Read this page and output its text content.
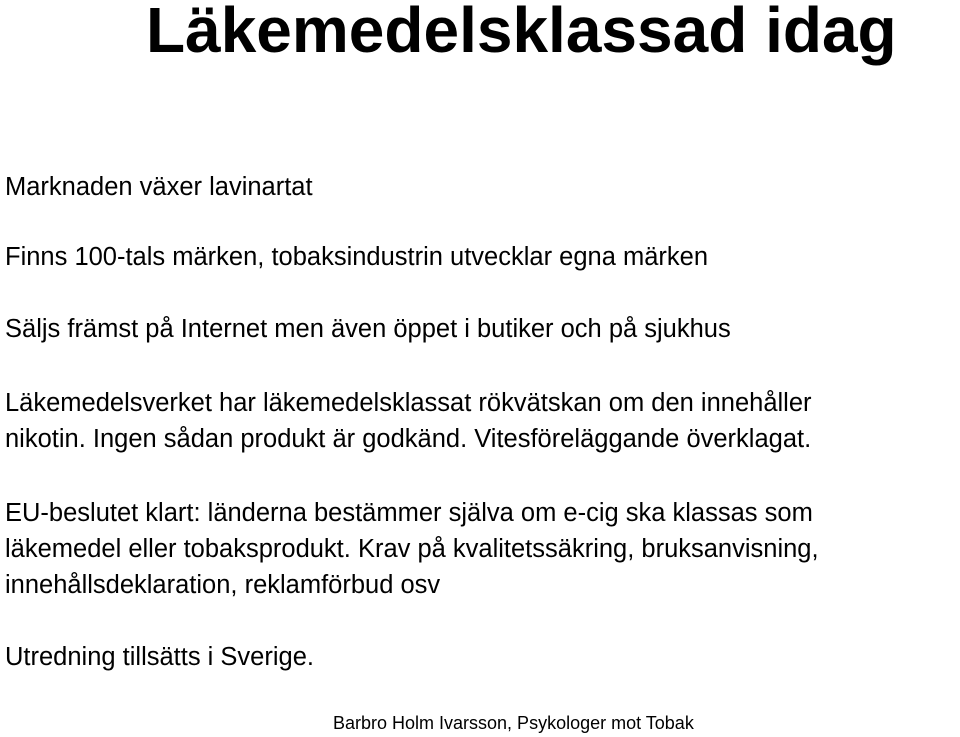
Läkemedelsklassad idag
Marknaden växer lavinartat
Finns 100-tals märken, tobaksindustrin utvecklar egna märken
Säljs främst på Internet men även öppet i butiker och på sjukhus
Läkemedelsverket har läkemedelsklassat rökvätskan om den innehåller
nikotin. Ingen sådan produkt är godkänd. Vitesföreläggande överklagat.
EU-beslutet klart: länderna bestämmer själva om e-cig ska klassas som
läkemedel eller tobaksprodukt. Krav på kvalitetssäkring, bruksanvisning,
innehållsdeklaration, reklamförbud osv
Utredning tillsätts i Sverige.
Barbro Holm Ivarsson, Psykologer mot Tobak
